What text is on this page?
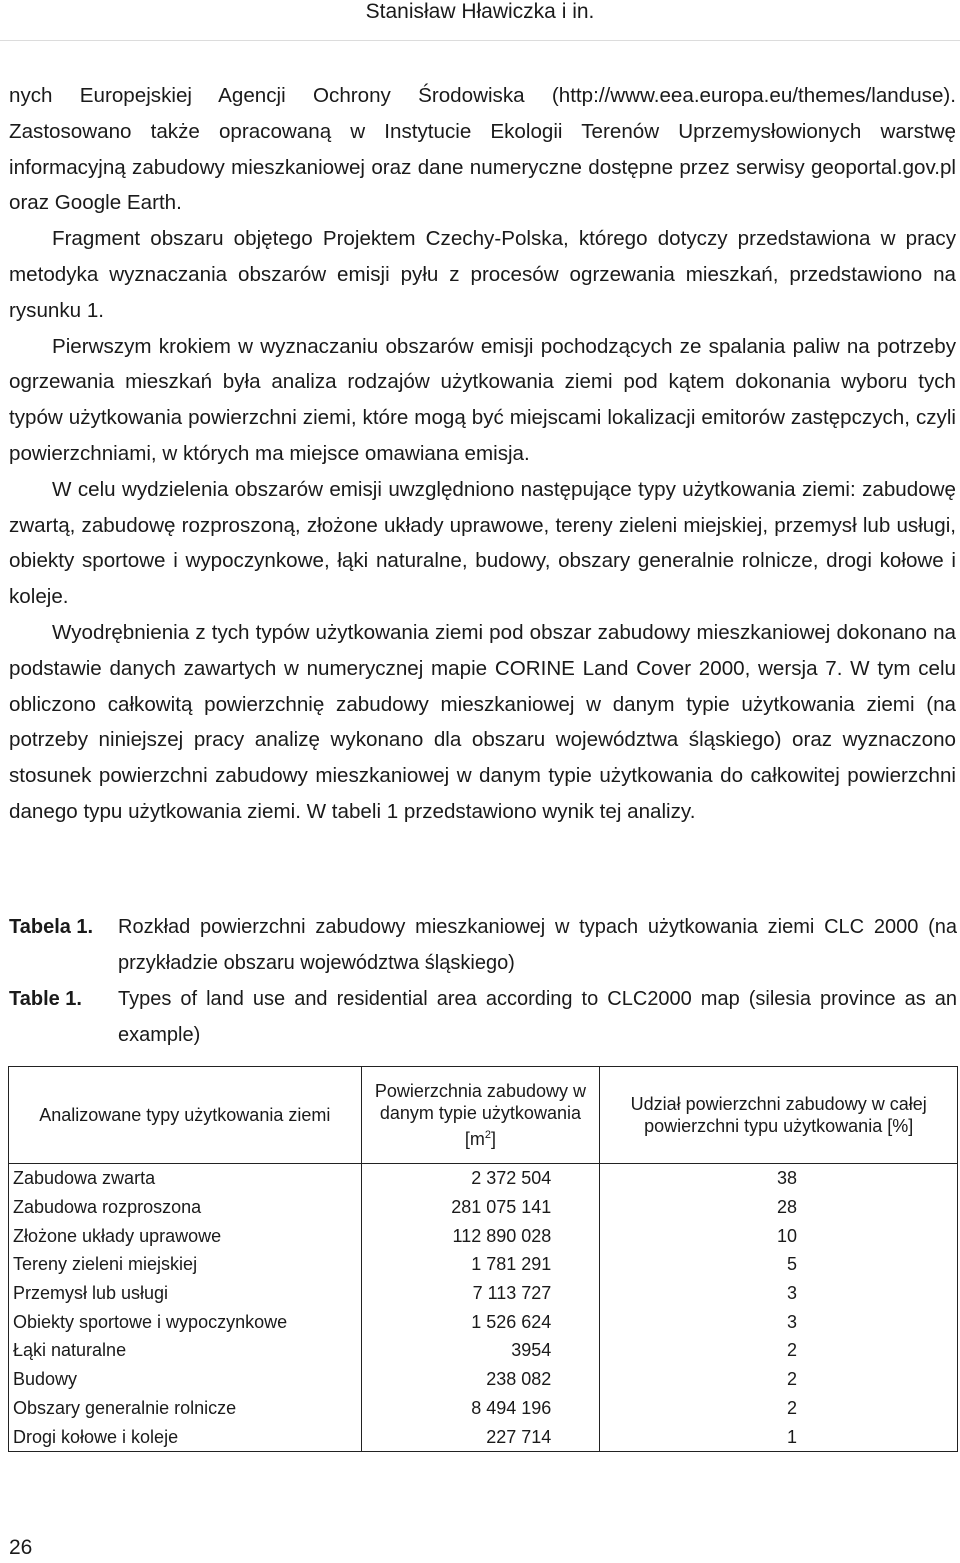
Stanisław Hławiczka i in.

nych Europejskiej Agencji Ochrony Środowiska (http://www.eea.europa.eu/themes/landuse). Zastosowano także opracowaną w Instytucie Ekologii Terenów Uprzemysłowionych warstwę informacyjną zabudowy mieszkaniowej oraz dane numeryczne dostępne przez serwisy geoportal.gov.pl oraz Google Earth.

Fragment obszaru objętego Projektem Czechy-Polska, którego dotyczy przedstawiona w pracy metodyka wyznaczania obszarów emisji pyłu z procesów ogrzewania mieszkań, przedstawiono na rysunku 1.

Pierwszym krokiem w wyznaczaniu obszarów emisji pochodzących ze spalania paliw na potrzeby ogrzewania mieszkań była analiza rodzajów użytkowania ziemi pod kątem dokonania wyboru tych typów użytkowania powierzchni ziemi, które mogą być miejscami lokalizacji emitorów zastępczych, czyli powierzchniami, w których ma miejsce omawiana emisja.

W celu wydzielenia obszarów emisji uwzględniono następujące typy użytkowania ziemi: zabudowę zwartą, zabudowę rozproszoną, złożone układy uprawowe, tereny zieleni miejskiej, przemysł lub usługi, obiekty sportowe i wypoczynkowe, łąki naturalne, budowy, obszary generalnie rolnicze, drogi kołowe i koleje.

Wyodrębnienia z tych typów użytkowania ziemi pod obszar zabudowy mieszkaniowej dokonano na podstawie danych zawartych w numerycznej mapie CORINE Land Cover 2000, wersja 7. W tym celu obliczono całkowitą powierzchnię zabudowy mieszkaniowej w danym typie użytkowania ziemi (na potrzeby niniejszej pracy analizę wykonano dla obszaru województwa śląskiego) oraz wyznaczono stosunek powierzchni zabudowy mieszkaniowej w danym typie użytkowania do całkowitej powierzchni danego typu użytkowania ziemi. W tabeli 1 przedstawiono wynik tej analizy.

Tabela 1.	Rozkład powierzchni zabudowy mieszkaniowej w typach użytkowania ziemi CLC 2000 (na przykładzie obszaru województwa śląskiego)
Table 1.	Types of land use and residential area according to CLC2000 map (silesia province as an example)
Analizowane typy użytkowania ziemi	Powierzchnia zabudowy w danym typie użytkowania $[m^2]$	Udział powierzchni zabudowy w całej powierzchni typu użytkowania [%]
Zabudowa zwarta	2 372 504	38
Zabudowa rozproszona	281 075 141	28
Złożone układy uprawowe	112 890 028	10
Tereny zieleni miejskiej	1 781 291	5
Przemysł lub usługi	7 113 727	3
Obiekty sportowe i wypoczynkowe	1 526 624	3
Łąki naturalne	3954	2
Budowy	238 082	2
Obszary generalnie rolnicze	8 494 196	2
Drogi kołowe i koleje	227 714	1
26
